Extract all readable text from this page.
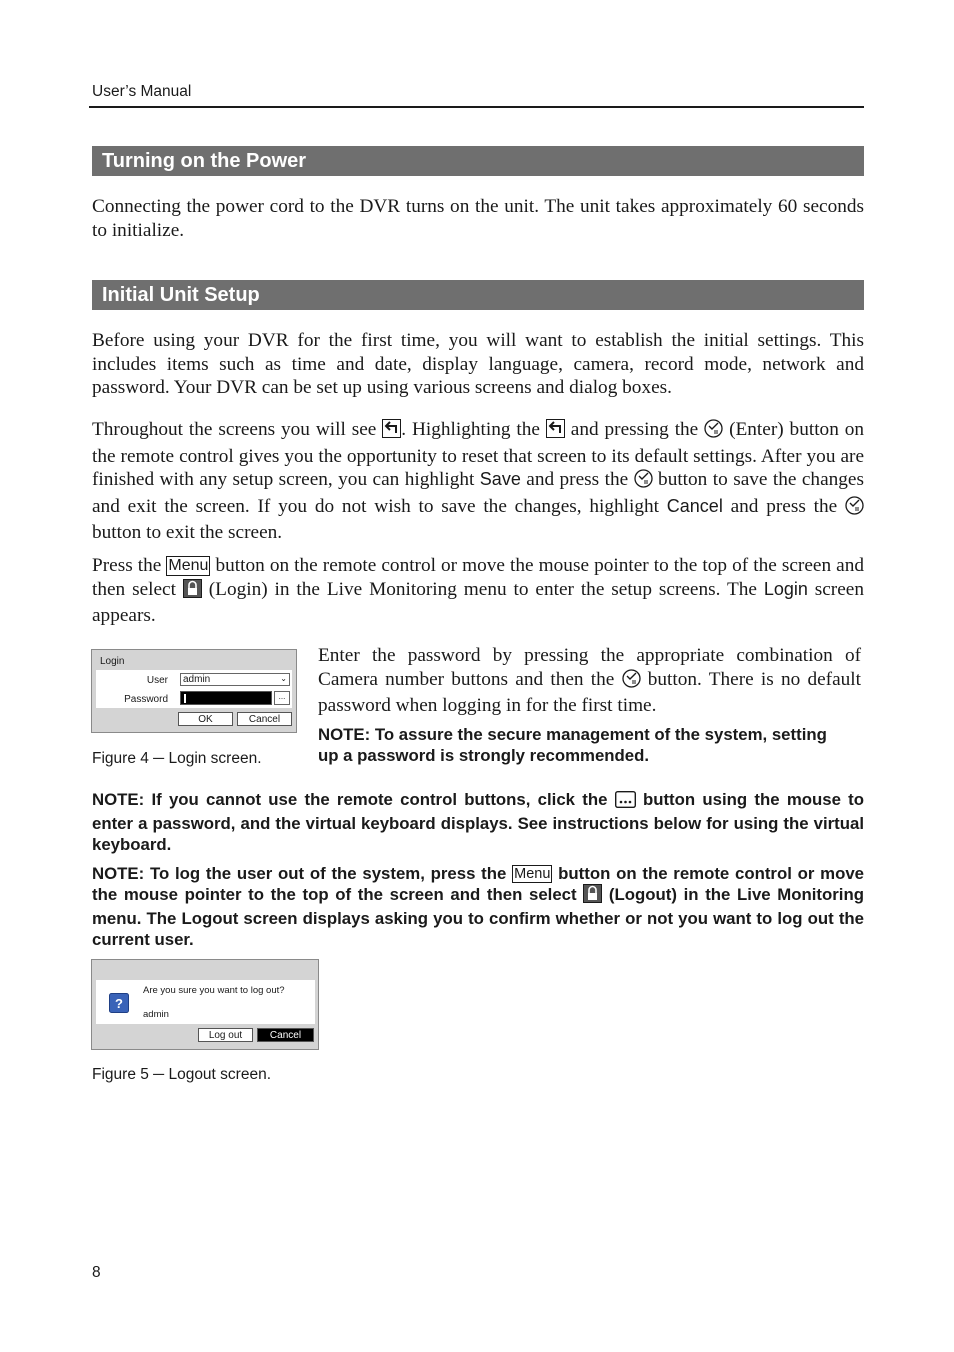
User’s Manual
Turning on the Power

Connecting the power cord to the DVR turns on the unit. The unit takes approximately 60 seconds to initialize.

Initial Unit Setup

Before using your DVR for the first time, you will want to establish the initial settings. This includes items such as time and date, display language, camera, record mode, network and password. Your DVR can be set up using various screens and dialog boxes.

Throughout the screens you will see . Highlighting the and pressing the (Enter) button on the remote control gives you the opportunity to reset that screen to its default settings. After you are finished with any setup screen, you can highlight Save and press the button to save the changes and exit the screen. If you do not wish to save the changes, highlight Cancel and press the  button to exit the screen.

Press the Menu button on the remote control or move the mouse pointer to the top of the screen and then select (Login) in the Live Monitoring menu to enter the setup screens. The Login screen appears.

Login
User admin	⌄
Password	...
OK	Cancel
Figure 4 ─ Login screen.

Enter the password by pressing the appropriate combination of Camera number buttons and then the button. There is no default password when logging in for the first time.

NOTE: To assure the secure management of the system, setting up a password is strongly recommended.

NOTE: If you cannot use the remote control buttons, click the button using the mouse to enter a password, and the virtual keyboard displays. See instructions below for using the virtual keyboard.

NOTE: To log the user out of the system, press the Menu button on the remote control or move the mouse pointer to the top of the screen and then select (Logout) in the Live Monitoring menu. The Logout screen displays asking you to confirm whether or not you want to log out the current user.

?
Are you sure you want to log out?
admin
Log out	Cancel
Figure 5 ─ Logout screen.
8
